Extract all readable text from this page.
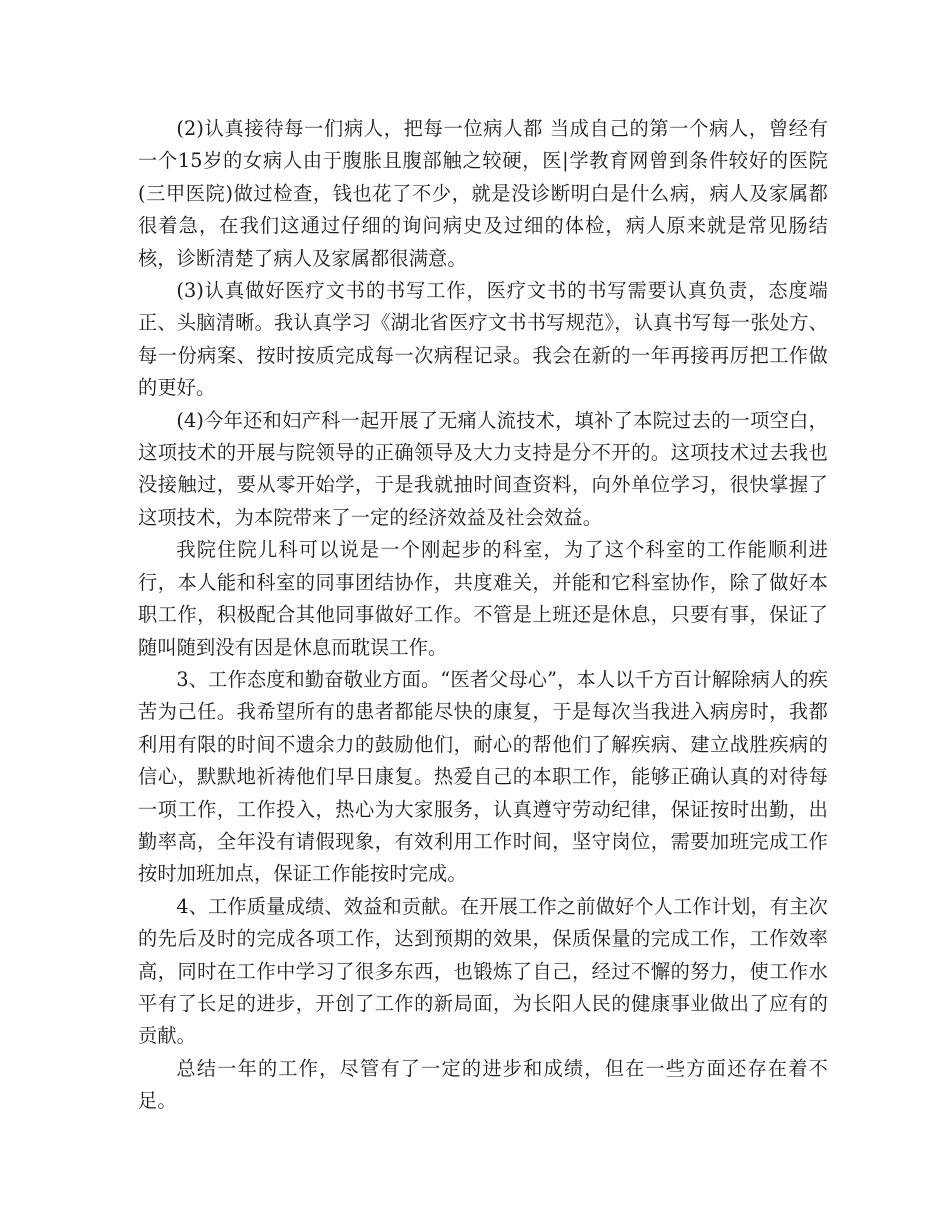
(2)认真接待每一们病人，把每一位病人都 当成自己的第一个病人，曾经有一个15岁的女病人由于腹胀且腹部触之较硬，医|学教育网曾到条件较好的医院(三甲医院)做过检查，钱也花了不少，就是没诊断明白是什么病，病人及家属都很着急，在我们这通过仔细的询问病史及过细的体检，病人原来就是常见肠结核，诊断清楚了病人及家属都很满意。

(3)认真做好医疗文书的书写工作，医疗文书的书写需要认真负责，态度端正、头脑清晰。我认真学习《湖北省医疗文书书写规范》，认真书写每一张处方、每一份病案、按时按质完成每一次病程记录。我会在新的一年再接再厉把工作做的更好。

(4)今年还和妇产科一起开展了无痛人流技术，填补了本院过去的一项空白，这项技术的开展与院领导的正确领导及大力支持是分不开的。这项技术过去我也没接触过，要从零开始学，于是我就抽时间查资料，向外单位学习，很快掌握了这项技术，为本院带来了一定的经济效益及社会效益。

我院住院儿科可以说是一个刚起步的科室，为了这个科室的工作能顺利进行，本人能和科室的同事团结协作，共度难关，并能和它科室协作，除了做好本职工作，积极配合其他同事做好工作。不管是上班还是休息，只要有事，保证了随叫随到没有因是休息而耽误工作。

3、工作态度和勤奋敬业方面。“医者父母心”，本人以千方百计解除病人的疾苦为己任。我希望所有的患者都能尽快的康复，于是每次当我进入病房时，我都利用有限的时间不遗余力的鼓励他们，耐心的帮他们了解疾病、建立战胜疾病的信心，默默地祈祷他们早日康复。热爱自己的本职工作，能够正确认真的对待每一项工作，工作投入，热心为大家服务，认真遵守劳动纪律，保证按时出勤，出勤率高，全年没有请假现象，有效利用工作时间，坚守岗位，需要加班完成工作按时加班加点，保证工作能按时完成。

4、工作质量成绩、效益和贡献。在开展工作之前做好个人工作计划，有主次的先后及时的完成各项工作，达到预期的效果，保质保量的完成工作，工作效率高，同时在工作中学习了很多东西，也锻炼了自己，经过不懈的努力，使工作水平有了长足的进步，开创了工作的新局面，为长阳人民的健康事业做出了应有的贡献。

总结一年的工作，尽管有了一定的进步和成绩，但在一些方面还存在着不足。
